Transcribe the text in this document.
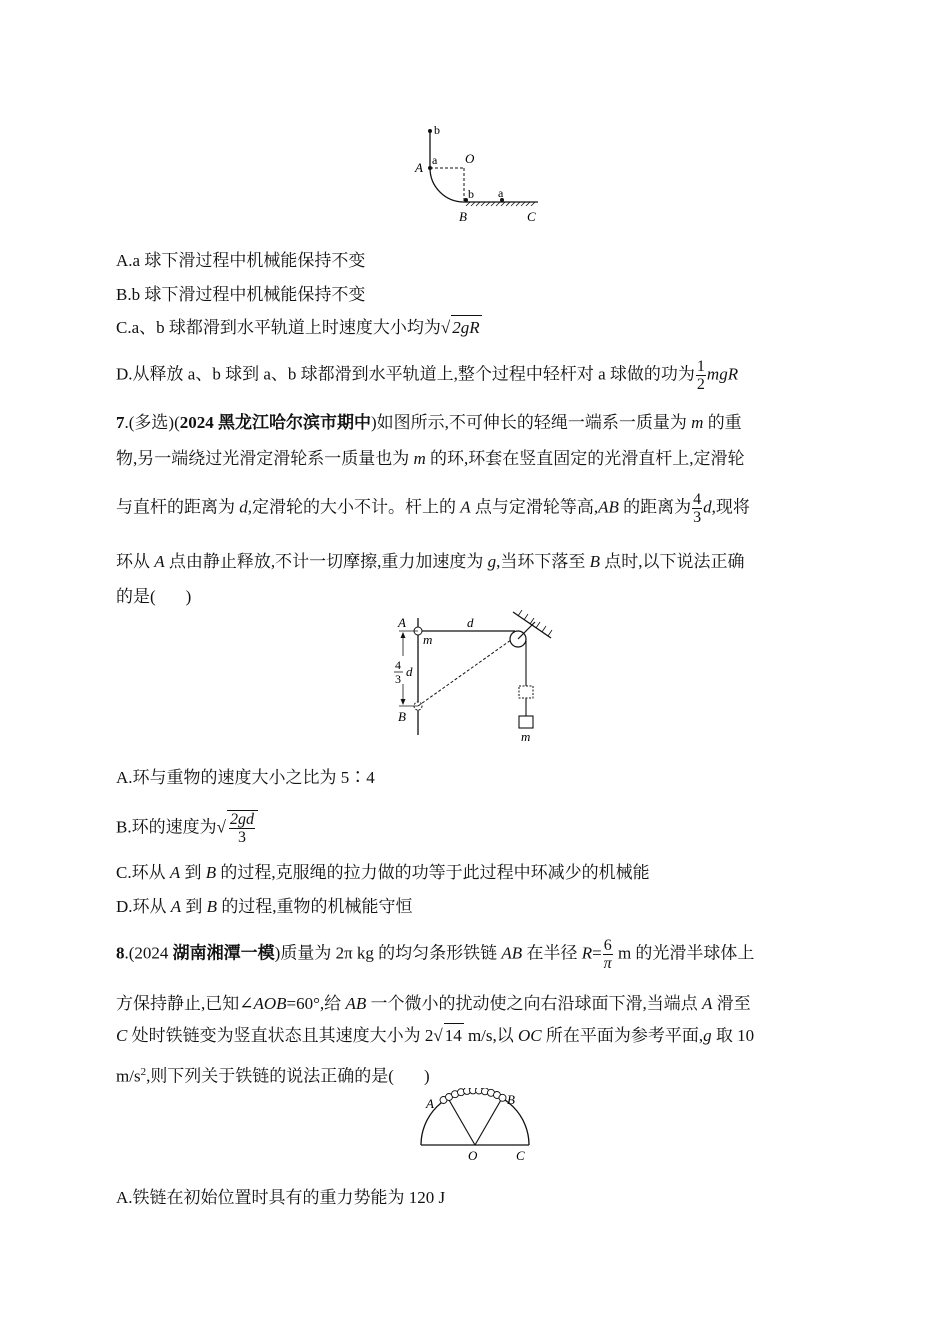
b
a O
A
b a
B	C
A.a 球下滑过程中机械能保持不变
B.b 球下滑过程中机械能保持不变
C.a、b 球都滑到水平轨道上时速度大小均为√ 2gR
D.从释放 a、b 球到 a、b 球都滑到水平轨道上,整个过程中轻杆对 a 球做的功为 $\frac{1}{2}$ mgR
7.(多选)(2024 黑龙江哈尔滨市期中)如图所示,不可伸长的轻绳一端系一质量为 m 的重
物,另一端绕过光滑定滑轮系一质量也为 m 的环,环套在竖直固定的光滑直杆上,定滑轮
与直杆的距离为 d,定滑轮的大小不计。杆上的 A 点与定滑轮等高,AB 的距离为 $\frac{4}{3} d$,现将
环从 A 点由静止释放,不计一切摩擦,重力加速度为 g,当环下落至 B 点时,以下说法正确
的是( )
A
m
d
4
3 d
B
m
A.环与重物的速度大小之比为 5∶4
B.环的速度为√ $\frac{2gd}{3}$
C.环从 A 到 B 的过程,克服绳的拉力做的功等于此过程中环减少的机械能
D.环从 A 到 B 的过程,重物的机械能守恒
8.(2024 湖南湘潭一模)质量为 2π kg 的均匀条形铁链 AB 在半径 $R= \frac{6}{\pi}$ m 的光滑半球体上
方保持静止,已知∠AOB=60°,给 AB 一个微小的扰动使之向右沿球面下滑,当端点 A 滑至
C 处时铁链变为竖直状态且其速度大小为 2√ 14 m/s,以 OC 所在平面为参考平面,g 取 10
$m/s^2$,则下列关于铁链的说法正确的是( )
A	B
O	C
A.铁链在初始位置时具有的重力势能为 120 J
